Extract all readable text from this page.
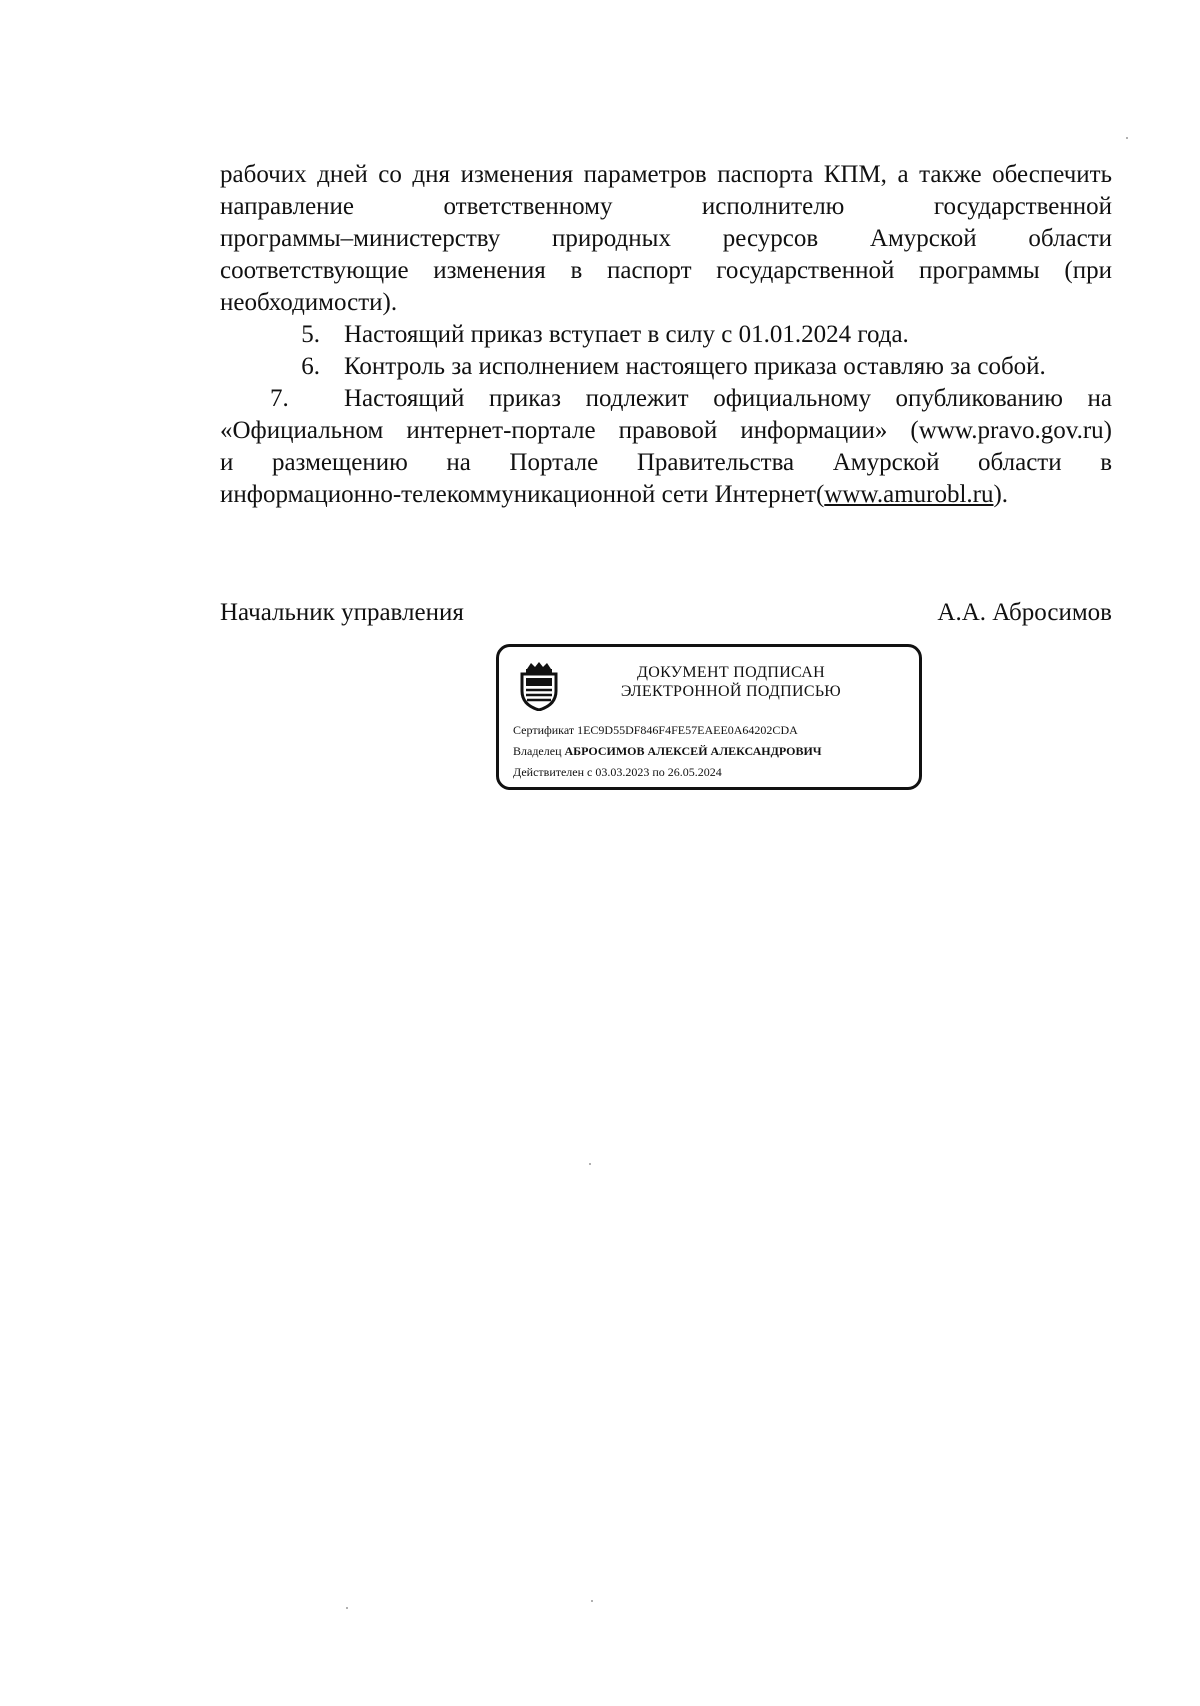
рабочих дней со дня изменения параметров паспорта КПМ, а также обеспечить

направление ответственному исполнителю государственной

программы–министерству природных ресурсов Амурской области

соответствующие изменения в паспорт государственной программы (при

необходимости).

5. Настоящий приказ вступает в силу с 01.01.2024 года.
6. Контроль за исполнением настоящего приказа оставляю за собой.
7.	Настоящий приказ подлежит официальному опубликованию на

«Официальном интернет-портале правовой информации» (www.pravo.gov.ru)

и размещению на Портале Правительства Амурской области в

информационно-телекоммуникационной сети Интернет(www.amurobl.ru).

Начальник управления	А.А. Абросимов
ДОКУМЕНТ ПОДПИСАН
ЭЛЕКТРОННОЙ ПОДПИСЬЮ
Сертификат 1EC9D55DF846F4FE57EAEE0A64202CDA
Владелец АБРОСИМОВ АЛЕКСЕЙ АЛЕКСАНДРОВИЧ
Действителен с 03.03.2023 по 26.05.2024
